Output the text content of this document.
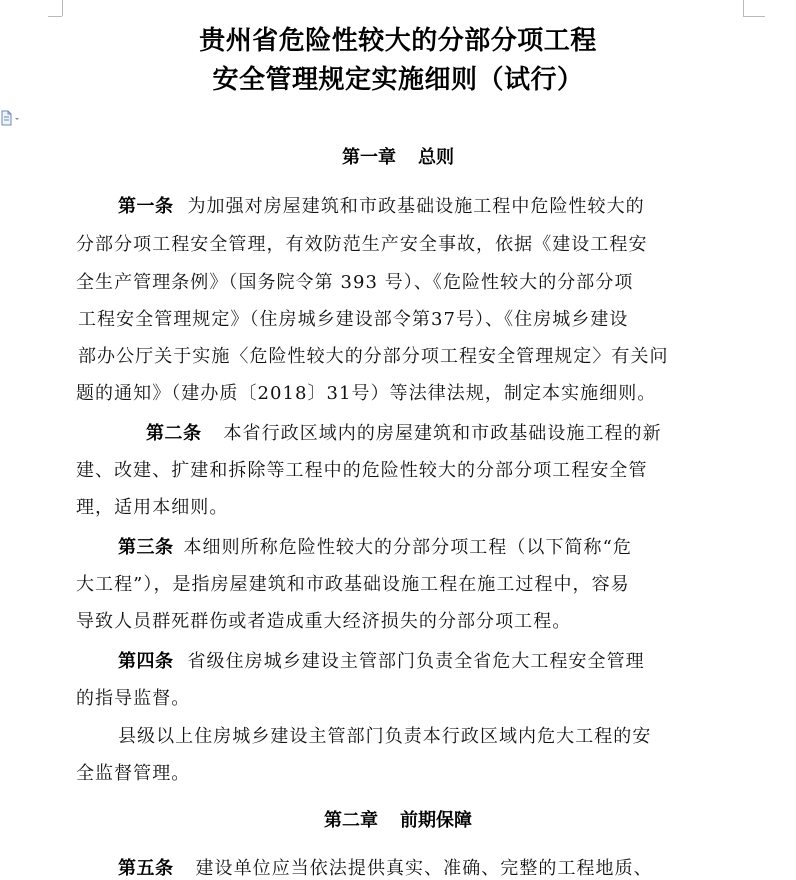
贵州省危险性较大的分部分项工程
安全管理规定实施细则（试行）
第一章 总则
第一条 为加强对房屋建筑和市政基础设施工程中危险性较大的
分部分项工程安全管理，有效防范生产安全事故，依据《建设工程安
全生产管理条例》（国务院令第 393 号）、《危险性较大的分部分项
工程安全管理规定》（住房城乡建设部令第37号）、《住房城乡建设
部办公厅关于实施〈危险性较大的分部分项工程安全管理规定〉有关问
题的通知》（建办质〔2018〕31号）等法律法规，制定本实施细则。
第二条 本省行政区域内的房屋建筑和市政基础设施工程的新
建、改建、扩建和拆除等工程中的危险性较大的分部分项工程安全管
理，适用本细则。
第三条 本细则所称危险性较大的分部分项工程（以下简称“危
大工程”），是指房屋建筑和市政基础设施工程在施工过程中，容易
导致人员群死群伤或者造成重大经济损失的分部分项工程。
第四条 省级住房城乡建设主管部门负责全省危大工程安全管理
的指导监督。
县级以上住房城乡建设主管部门负责本行政区域内危大工程的安
全监督管理。
第二章 前期保障
第五条 建设单位应当依法提供真实、准确、完整的工程地质、
